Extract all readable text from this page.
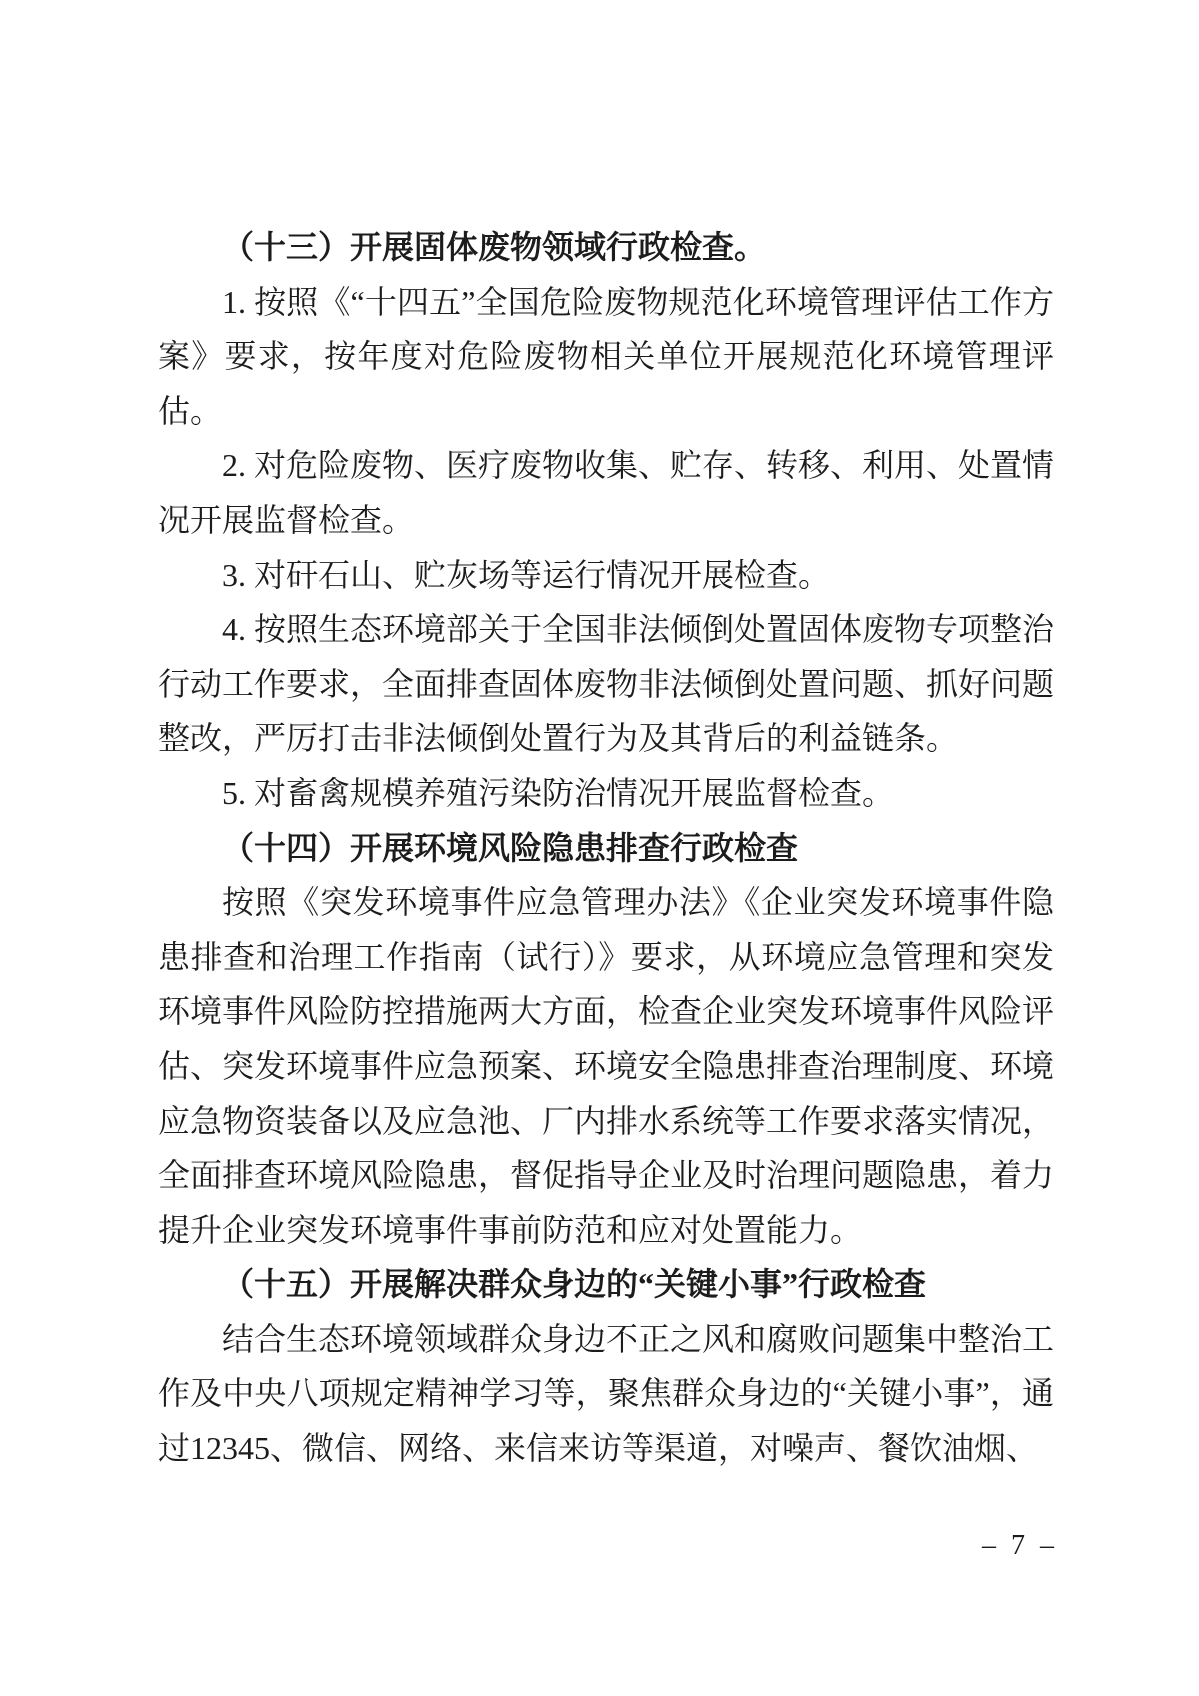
（十三）开展固体废物领域行政检查。

1. 按照《“十四五”全国危险废物规范化环境管理评估工作方案》要求，按年度对危险废物相关单位开展规范化环境管理评估。

2. 对危险废物、医疗废物收集、贮存、转移、利用、处置情况开展监督检查。

3. 对矸石山、贮灰场等运行情况开展检查。

4. 按照生态环境部关于全国非法倾倒处置固体废物专项整治行动工作要求，全面排查固体废物非法倾倒处置问题、抓好问题整改，严厉打击非法倾倒处置行为及其背后的利益链条。

5. 对畜禽规模养殖污染防治情况开展监督检查。

（十四）开展环境风险隐患排查行政检查

按照《突发环境事件应急管理办法》《企业突发环境事件隐患排查和治理工作指南（试行）》要求，从环境应急管理和突发环境事件风险防控措施两大方面，检查企业突发环境事件风险评估、突发环境事件应急预案、环境安全隐患排查治理制度、环境应急物资装备以及应急池、厂内排水系统等工作要求落实情况，全面排查环境风险隐患，督促指导企业及时治理问题隐患，着力提升企业突发环境事件事前防范和应对处置能力。

（十五）开展解决群众身边的“关键小事”行政检查

结合生态环境领域群众身边不正之风和腐败问题集中整治工作及中央八项规定精神学习等，聚焦群众身边的“关键小事”，通过12345、微信、网络、来信来访等渠道，对噪声、餐饮油烟、

– 7 –
